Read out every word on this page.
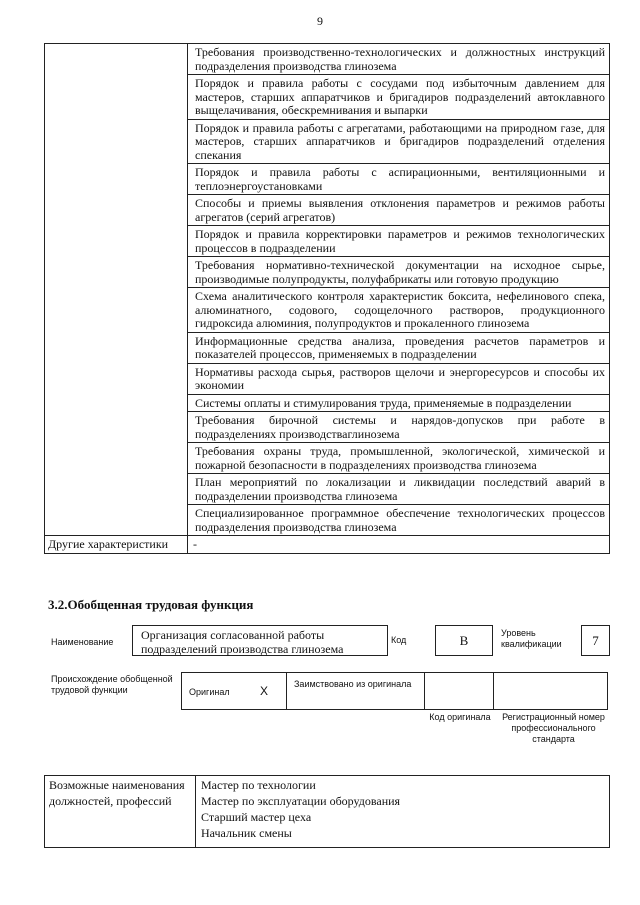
9

	Требования производственно-технологических и должностных инструкций подразделения производства глинозема

	Порядок и правила работы с сосудами под избыточным давлением для мастеров, старших аппаратчиков и бригадиров подразделений автоклавного выщелачивания, обескремнивания и выпарки

	Порядок и правила работы с агрегатами, работающими на природном газе, для мастеров, старших аппаратчиков и бригадиров подразделений отделения спекания

	Порядок и правила работы с аспирационными, вентиляционными и теплоэнергоустановками

	Способы и приемы выявления отклонения параметров и режимов работы агрегатов (серий агрегатов)

	Порядок и правила корректировки параметров и режимов технологических процессов в подразделении

	Требования нормативно-технической документации на исходное сырье, производимые полупродукты, полуфабрикаты или готовую продукцию

	Схема аналитического контроля характеристик боксита, нефелинового спека, алюминатного, содового, содощелочного растворов, продукционного гидроксида алюминия, полупродуктов и прокаленного глинозема

	Информационные средства анализа, проведения расчетов параметров и показателей процессов, применяемых в подразделении

	Нормативы расхода сырья, растворов щелочи и энергоресурсов и способы их экономии

	Системы оплаты и стимулирования труда, применяемые в подразделении

	Требования бирочной системы и нарядов-допусков при работе в подразделениях производстваглинозема

	Требования охраны труда, промышленной, экологической, химической и пожарной безопасности в подразделениях производства глинозема

	План мероприятий по локализации и ликвидации последствий аварий в подразделении производства глинозема

	Специализированное программное обеспечение технологических процессов подразделения производства глинозема

Другие характеристики	-
3.2.Обобщенная трудовая функция
Наименование	Организация согласованной работы подразделений производства глинозема
Код	B	Уровень квалификации	7
Происхождение обобщенной трудовой функции	Оригинал	X	Заимствовано из оригинала
Код оригинала	Регистрационный номер профессионального стандарта
Возможные наименования должностей, профессий	
Мастер по технологии
Мастер по эксплуатации оборудования
Старший мастер цеха
Начальник смены
